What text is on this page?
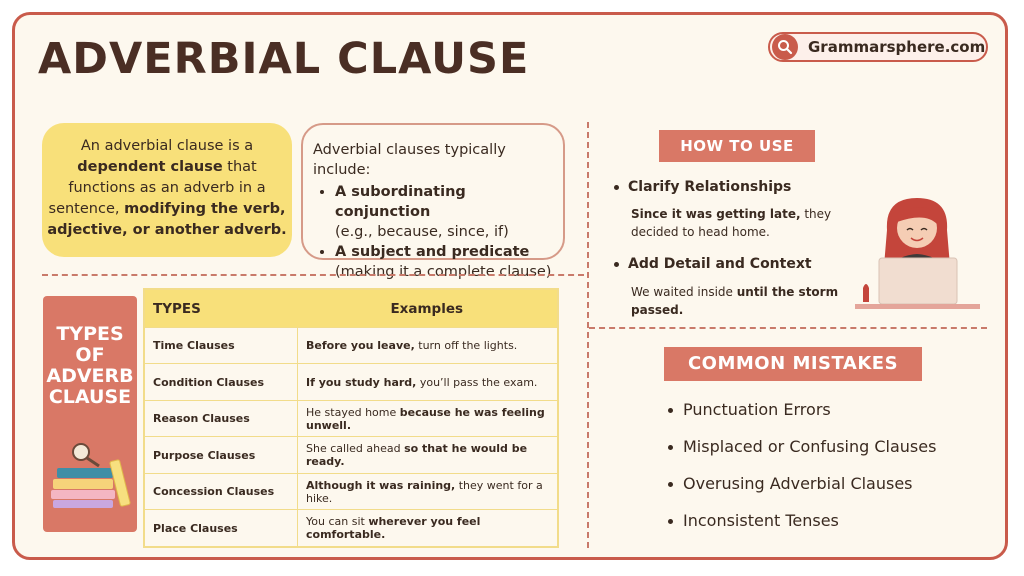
ADVERBIAL CLAUSE	Grammarsphere.com
An adverbial clause is a dependent clause that functions as an adverb in a sentence, modifying the verb, adjective, or another adverb.
Adverbial clauses typically include:
• A subordinating conjunction
(e.g., because, since, if)
• A subject and predicate
(making it a complete clause)
TYPES
OF
ADVERB
CLAUSE
TYPES	Examples
Time Clauses	Before you leave, turn off the lights.
Condition Clauses	If you study hard, you’ll pass the exam.
Reason Clauses	He stayed home because he was feeling unwell.
Purpose Clauses	She called ahead so that he would be ready.
Concession Clauses	Although it was raining, they went for a hike.
Place Clauses	You can sit wherever you feel comfortable.
HOW TO USE
Clarify Relationships
Since it was getting late, they decided to head home.
Add Detail and Context
We waited inside until the storm passed.
COMMON MISTAKES
Punctuation Errors
Misplaced or Confusing Clauses
Overusing Adverbial Clauses
Inconsistent Tenses
